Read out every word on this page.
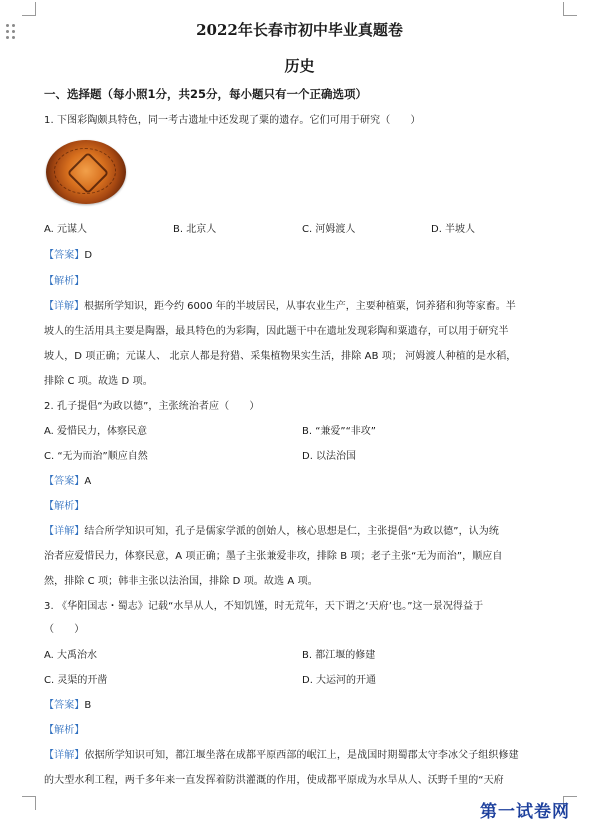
2022年长春市初中毕业真题卷
历史
一、选择题（每小照1分，共25分，每小题只有一个正确选项）
1. 下图彩陶颇具特色，同一考古遗址中还发现了粟的遗存。它们可用于研究（　　）
A. 元谋人	B. 北京人	C. 河姆渡人	D. 半坡人
【答案】D
【解析】
【详解】根据所学知识，距今约 6000 年的半坡居民，从事农业生产，主要种植粟，饲养猪和狗等家畜。半
坡人的生活用具主要是陶器，最具特色的为彩陶，因此题干中在遗址发现彩陶和粟遗存，可以用于研究半
坡人，D 项正确；元谋人、 北京人都是狩猎、采集植物果实生活，排除 AB 项； 河姆渡人种植的是水稻，
排除 C 项。故选 D 项。
2. 孔子提倡“为政以德”，主张统治者应（　　）
A. 爱惜民力，体察民意	B. “兼爱”“非攻”
C. “无为而治”顺应自然	D. 以法治国
【答案】A
【解析】
【详解】结合所学知识可知，孔子是儒家学派的创始人，核心思想是仁，主张提倡“为政以德”，认为统
治者应爱惜民力，体察民意，A 项正确；墨子主张兼爱非攻，排除 B 项；老子主张“无为而治”，顺应自
然，排除 C 项；韩非主张以法治国，排除 D 项。故选 A 项。
3. 《华阳国志・蜀志》记载“水旱从人，不知饥馑，时无荒年，天下谓之‘天府’也。”这一景况得益于
（　　）
A. 大禹治水	B. 都江堰的修建
C. 灵渠的开凿	D. 大运河的开通
【答案】B
【解析】
【详解】依据所学知识可知，都江堰坐落在成都平原西部的岷江上，是战国时期蜀郡太守李冰父子组织修建
的大型水利工程，两千多年来一直发挥着防洪灌溉的作用，使成都平原成为水旱从人、沃野千里的“天府
第一试卷网
